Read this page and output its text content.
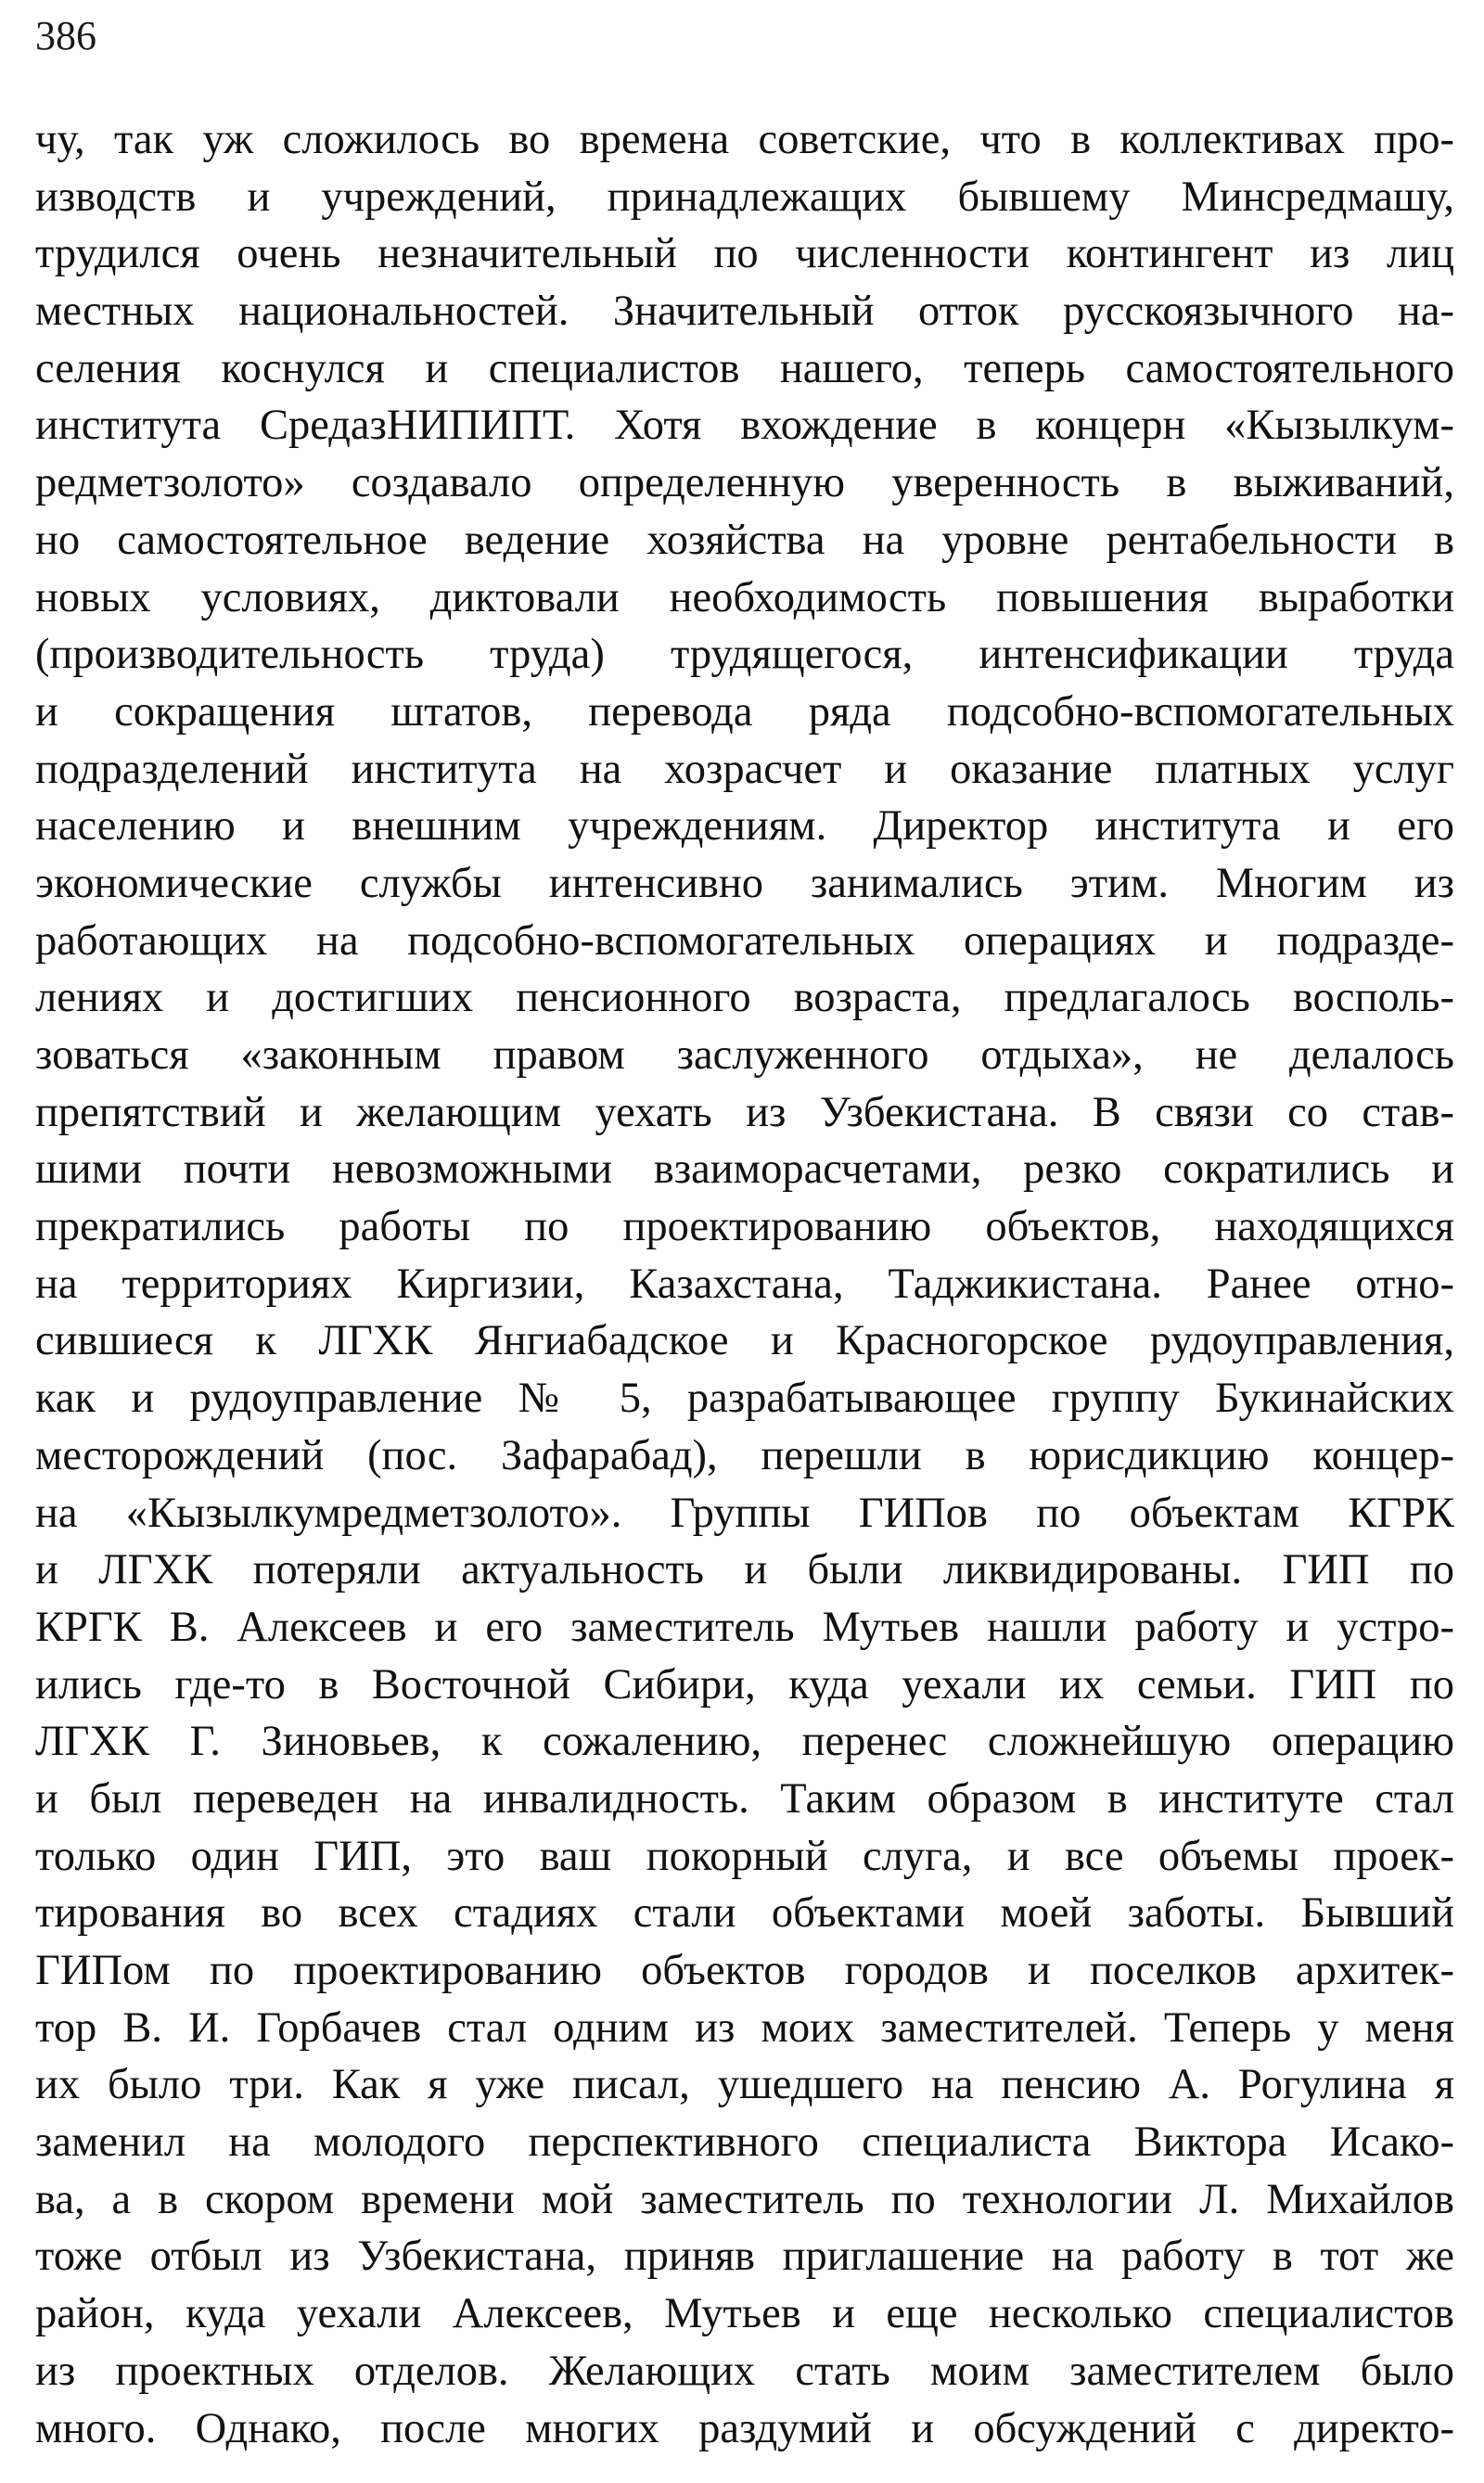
386
чу, так уж сложилось во времена советские, что в коллективах про-
изводств и учреждений, принадлежащих бывшему Минсредмашу,
трудился очень незначительный по численности контингент из лиц
местных национальностей. Значительный отток русскоязычного на-
селения коснулся и специалистов нашего, теперь самостоятельного
института СредазНИПИПТ. Хотя вхождение в концерн «Кызылкум-
редметзолото» создавало определенную уверенность в выживаний,
но самостоятельное ведение хозяйства на уровне рентабельности в
новых условиях, диктовали необходимость повышения выработки
(производительность труда) трудящегося, интенсификации труда
и сокращения штатов, перевода ряда подсобно-вспомогательных
подразделений института на хозрасчет и оказание платных услуг
населению и внешним учреждениям. Директор института и его
экономические службы интенсивно занимались этим. Многим из
работающих на подсобно-вспомогательных операциях и подразде-
лениях и достигших пенсионного возраста, предлагалось восполь-
зоваться «законным правом заслуженного отдыха», не делалось
препятствий и желающим уехать из Узбекистана. В связи со став-
шими почти невозможными взаиморасчетами, резко сократились и
прекратились работы по проектированию объектов, находящихся
на территориях Киргизии, Казахстана, Таджикистана. Ранее отно-
сившиеся к ЛГХК Янгиабадское и Красногорское рудоуправления,
как и рудоуправление № 5, разрабатывающее группу Букинайских
месторождений (пос. Зафарабад), перешли в юрисдикцию концер-
на «Кызылкумредметзолото». Группы ГИПов по объектам КГРК
и ЛГХК потеряли актуальность и были ликвидированы. ГИП по
КРГК В. Алексеев и его заместитель Мутьев нашли работу и устро-
ились где-то в Восточной Сибири, куда уехали их семьи. ГИП по
ЛГХК Г. Зиновьев, к сожалению, перенес сложнейшую операцию
и был переведен на инвалидность. Таким образом в институте стал
только один ГИП, это ваш покорный слуга, и все объемы проек-
тирования во всех стадиях стали объектами моей заботы. Бывший
ГИПом по проектированию объектов городов и поселков архитек-
тор В. И. Горбачев стал одним из моих заместителей. Теперь у меня
их было три. Как я уже писал, ушедшего на пенсию А. Рогулина я
заменил на молодого перспективного специалиста Виктора Исако-
ва, а в скором времени мой заместитель по технологии Л. Михайлов
тоже отбыл из Узбекистана, приняв приглашение на работу в тот же
район, куда уехали Алексеев, Мутьев и еще несколько специалистов
из проектных отделов. Желающих стать моим заместителем было
много. Однако, после многих раздумий и обсуждений с директо-
